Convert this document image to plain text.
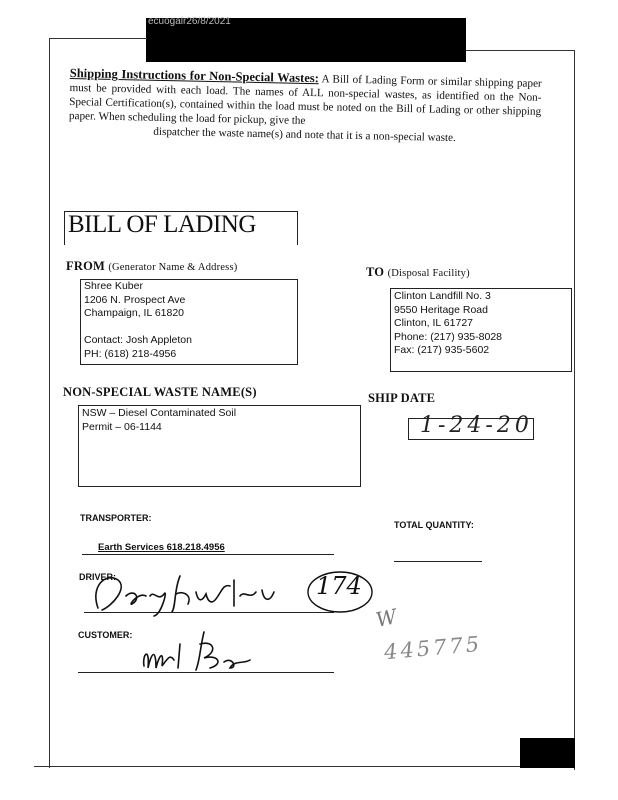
ecuogalr26/8/2021
Shipping Instructions for Non-Special Wastes: A Bill of Lading Form or similar shipping paper must be provided with each load. The names of ALL non-special wastes, as identified on the Non-Special Certification(s), contained within the load must be noted on the Bill of Lading or other shipping paper. When scheduling the load for pickup, give the
dispatcher the waste name(s) and note that it is a non-special waste.
BILL OF LADING
FROM (Generator Name & Address)
Shree Kuber
1206 N. Prospect Ave
Champaign, IL 61820
Contact: Josh Appleton
PH: (618) 218-4956
TO (Disposal Facility)
Clinton Landfill No. 3
9550 Heritage Road
Clinton, IL 61727
Phone: (217) 935-8028
Fax: (217) 935-5602
NON-SPECIAL WASTE NAME(S)
NSW – Diesel Contaminated Soil
Permit – 06-1144
SHIP DATE
1-24-20
TRANSPORTER:
Earth Services 618.218.4956
TOTAL QUANTITY:
DRIVER:	174
CUSTOMER:
W
445775
